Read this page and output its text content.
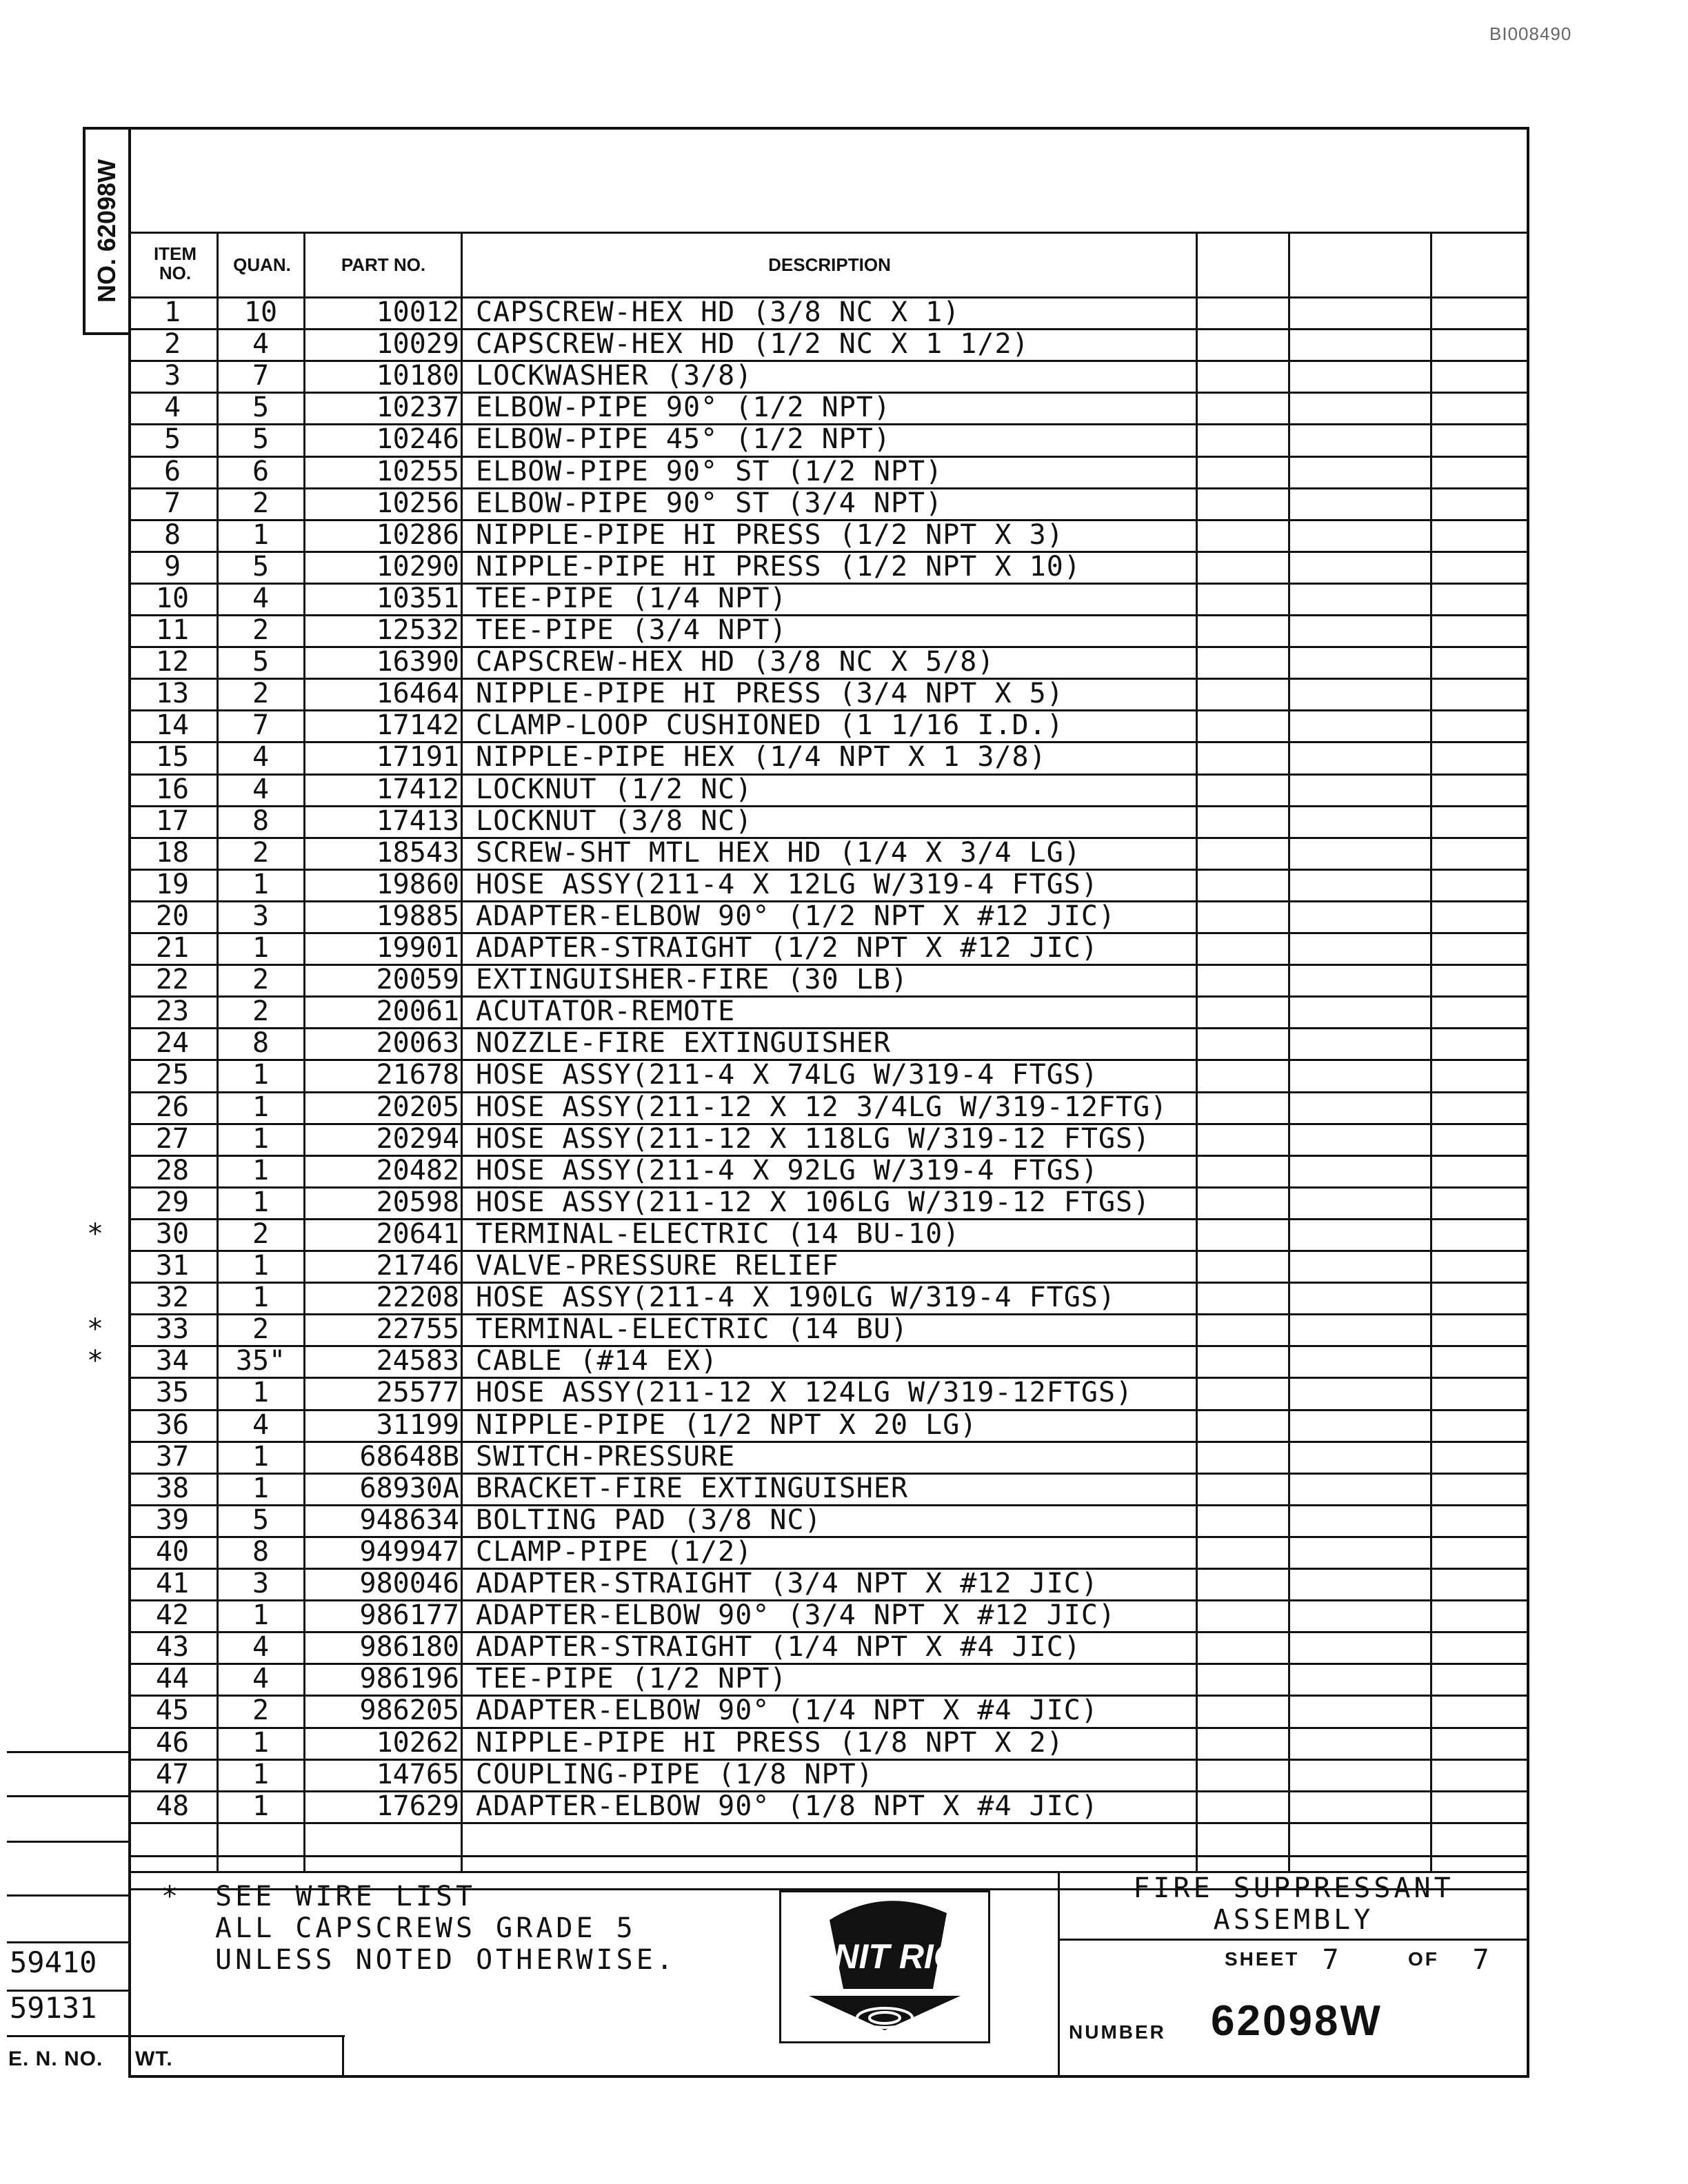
BI008490
NO. 62098W	ITEM NO.	QUAN.	PART NO.	DESCRIPTION
1	10	10012 CAPSCREW-HEX HD (3/8 NC X 1)
2	4	10029 CAPSCREW-HEX HD (1/2 NC X 1 1/2)
3	7	10180 LOCKWASHER (3/8)
4	5	10237 ELBOW-PIPE 90° (1/2 NPT)
5	5	10246 ELBOW-PIPE 45° (1/2 NPT)
6	6	10255 ELBOW-PIPE 90° ST (1/2 NPT)
7	2	10256 ELBOW-PIPE 90° ST (3/4 NPT)
8	1	10286 NIPPLE-PIPE HI PRESS (1/2 NPT X 3)
9	5	10290 NIPPLE-PIPE HI PRESS (1/2 NPT X 10)
10	4	10351 TEE-PIPE (1/4 NPT)
11	2	12532 TEE-PIPE (3/4 NPT)
12	5	16390 CAPSCREW-HEX HD (3/8 NC X 5/8)
13	2	16464 NIPPLE-PIPE HI PRESS (3/4 NPT X 5)
14	7	17142 CLAMP-LOOP CUSHIONED (1 1/16 I.D.)
15	4	17191 NIPPLE-PIPE HEX (1/4 NPT X 1 3/8)
16	4	17412 LOCKNUT (1/2 NC)
17	8	17413 LOCKNUT (3/8 NC)
18	2	18543 SCREW-SHT MTL HEX HD (1/4 X 3/4 LG)
19	1	19860 HOSE ASSY(211-4 X 12LG W/319-4 FTGS)
20	3	19885 ADAPTER-ELBOW 90° (1/2 NPT X #12 JIC)
21	1	19901 ADAPTER-STRAIGHT (1/2 NPT X #12 JIC)
22	2	20059 EXTINGUISHER-FIRE (30 LB)
23	2	20061 ACUTATOR-REMOTE
24	8	20063 NOZZLE-FIRE EXTINGUISHER
25	1	21678 HOSE ASSY(211-4 X 74LG W/319-4 FTGS)
26	1	20205 HOSE ASSY(211-12 X 12 3/4LG W/319-12FTG)
27	1	20294 HOSE ASSY(211-12 X 118LG W/319-12 FTGS)
28	1	20482 HOSE ASSY(211-4 X 92LG W/319-4 FTGS)
29	1	20598 HOSE ASSY(211-12 X 106LG W/319-12 FTGS)
30	2	20641 TERMINAL-ELECTRIC (14 BU-10)
*
31	1	21746 VALVE-PRESSURE RELIEF
32	1	22208 HOSE ASSY(211-4 X 190LG W/319-4 FTGS)
33	2	22755 TERMINAL-ELECTRIC (14 BU)
*
34	35"	24583 CABLE (#14 EX)
*
35	1	25577 HOSE ASSY(211-12 X 124LG W/319-12FTGS)
36	4	31199 NIPPLE-PIPE (1/2 NPT X 20 LG)
37	1	68648B SWITCH-PRESSURE
38	1	68930A BRACKET-FIRE EXTINGUISHER
39	5	948634 BOLTING PAD (3/8 NC)
40	8	949947 CLAMP-PIPE (1/2)
41	3	980046 ADAPTER-STRAIGHT (3/4 NPT X #12 JIC)
42	1	986177 ADAPTER-ELBOW 90° (3/4 NPT X #12 JIC)
43	4	986180 ADAPTER-STRAIGHT (1/4 NPT X #4 JIC)
44	4	986196 TEE-PIPE (1/2 NPT)
45	2	986205 ADAPTER-ELBOW 90° (1/4 NPT X #4 JIC)
46	1	10262 NIPPLE-PIPE HI PRESS (1/8 NPT X 2)
47	1	14765 COUPLING-PIPE (1/8 NPT)
48	1	17629 ADAPTER-ELBOW 90° (1/8 NPT X #4 JIC)
* SEE WIRE LIST
ALL CAPSCREWS GRADE 5
UNLESS NOTED OTHERWISE.	UNIT RIG
FIRE SUPPRESSANT
ASSEMBLY
SHEET 7	OF 7
NUMBER 62098W
59410
59131
E. N. NO. WT.
